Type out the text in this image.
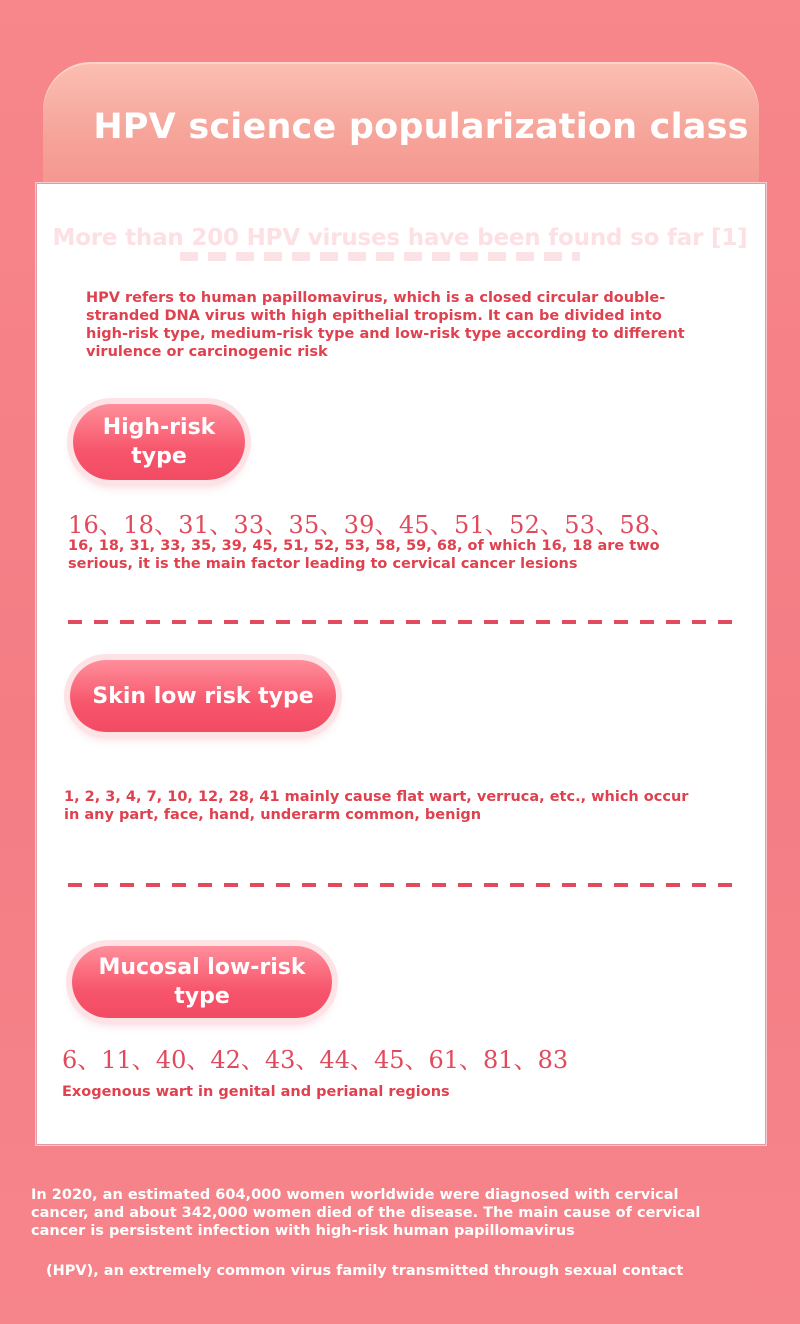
HPV science popularization class
More than 200 HPV viruses have been found so far [1]
HPV refers to human papillomavirus, which is a closed circular double-stranded DNA virus with high epithelial tropism. It can be divided into high-risk type, medium-risk type and low-risk type according to different virulence or carcinogenic risk
High-risk type
16、18、31、33、35、39、45、51、52、53、58、
16, 18, 31, 33, 35, 39, 45, 51, 52, 53, 58, 59, 68, of which 16, 18 are two serious, it is the main factor leading to cervical cancer lesions
Skin low risk type
1, 2, 3, 4, 7, 10, 12, 28, 41 mainly cause flat wart, verruca, etc., which occur in any part, face, hand, underarm common, benign
Mucosal low-risk type
6、11、40、42、43、44、45、61、81、83
Exogenous wart in genital and perianal regions
In 2020, an estimated 604,000 women worldwide were diagnosed with cervical cancer, and about 342,000 women died of the disease. The main cause of cervical cancer is persistent infection with high-risk human papillomavirus
(HPV), an extremely common virus family transmitted through sexual contact
